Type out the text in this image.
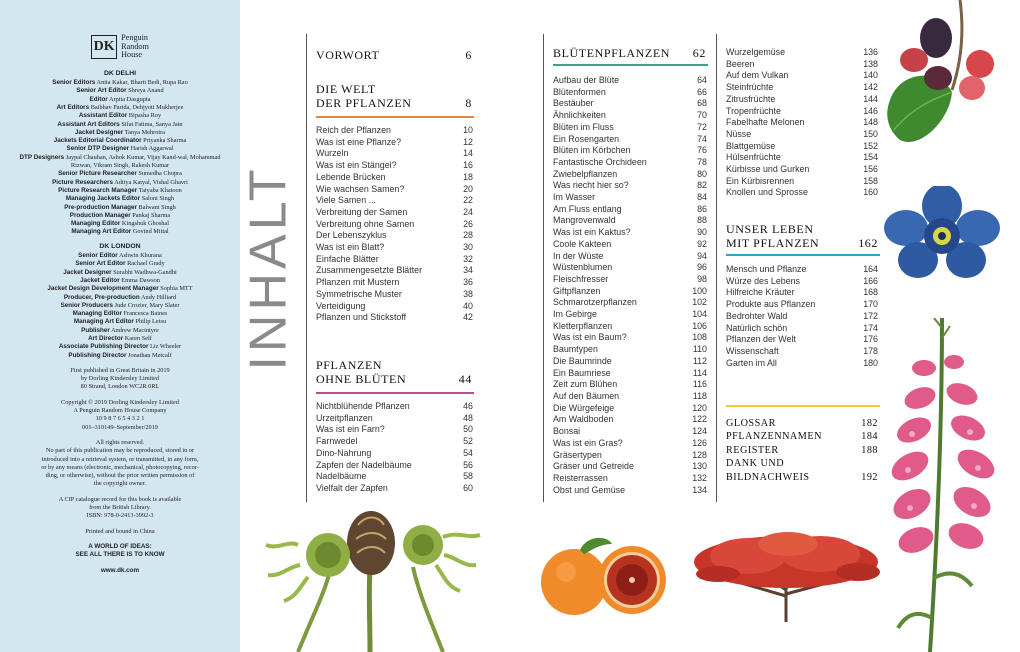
DK
Penguin
Random
House
DK DELHI
Senior Editors Anita Kakar, Bharti Bedi, Rupa Rao
Senior Art Editor Shreya Anand
Editor Arpita Dasgupta
Art Editors Baibhav Parida, Debjyoti Mukherjee
Assistant Editor Bipasha Roy
Assistant Art Editors Sifat Fatima, Sanya Jain
Jacket Designer Tanya Mehrotra
Jackets Editorial Coordinator Priyanka Sharma
Senior DTP Designer Harish Aggarwal
DTP Designers Jaypal Chauhan, Ashok Kumar, Vijay Kand-wal, Mohammad Rizwan, Vikram Singh, Rakesh Kumar
Senior Picture Researcher Sumedha Chopra
Picture Researchers Aditya Katyal, Vishal Ghavri
Picture Research Manager Taiyaba Khatoon
Managing Jackets Editor Saloni Singh
Pre-production Manager Balwant Singh
Production Manager Pankaj Sharma
Managing Editor Kingshuk Ghoshal
Managing Art Editor Govind Mittal
DK LONDON
Senior Editor Ashwin Khurana
Senior Art Editor Rachael Grady
Jacket Designer Surabhi Wadhwa-Gandhi
Jacket Editor Emma Dawson
Jacket Design Development Manager Sophia MTT
Producer, Pre-production Andy Hilliard
Senior Producers Jude Crozier, Mary Slater
Managing Editor Francesca Baines
Managing Art Editor Philip Letsu
Publisher Andrew Macintyre
Art Director Karen Self
Associate Publishing Director Liz Wheeler
Publishing Director Jonathan Metcalf
First published in Great Britain in 2019
by Dorling Kindersley Limited
80 Strand, London WC2R 0RL
Copyright © 2019 Dorling Kindersley Limited
A Penguin Random House Company
10 9 8 7 6 5 4 3 2 1
001–310149–September/2019
All rights reserved.
No part of this publication may be reproduced, stored in or
introduced into a retrieval system, or transmitted, in any form,
or by any means (electronic, mechanical, photocopying, recor-
ding, or otherwise), without the prior written permission of
the copyright owner.
A CIP catalogue record for this book is available
from the British Library.
ISBN: 978-0-2413-3992-3
Printed and bound in China
A WORLD OF IDEAS:
SEE ALL THERE IS TO KNOW
www.dk.com
INHALT
VORWORT	6
DIE WELT
DER PFLANZEN	8
Reich der Pflanzen	10
Was ist eine Pflanze?	12
Wurzeln	14
Was ist ein Stängel?	16
Lebende Brücken	18
Wie wachsen Samen?	20
Viele Samen ...	22
Verbreitung der Samen	24
Verbreitung ohne Samen	26
Der Lebenszyklus	28
Was ist ein Blatt?	30
Einfache Blätter	32
Zusammengesetzte Blätter	34
Pflanzen mit Mustern	36
Symmetrische Muster	38
Verteidigung	40
Pflanzen und Stickstoff	42
PFLANZEN
OHNE BLÜTEN	44
Nichtblühende Pflanzen	46
Urzeitpflanzen	48
Was ist ein Farn?	50
Farnwedel	52
Dino-Nahrung	54
Zapfen der Nadelbäume	56
Nadelbäume	58
Vielfalt der Zapfen	60
BLÜTENPFLANZEN 62
Aufbau der Blüte	64
Blütenformen	66
Bestäuber	68
Ähnlichkeiten	70
Blüten im Fluss	72
Ein Rosengarten	74
Blüten im Körbchen	76
Fantastische Orchideen	78
Zwiebelpflanzen	80
Was riecht hier so?	82
Im Wasser	84
Am Fluss entlang	86
Mangrovenwald	88
Was ist ein Kaktus?	90
Coole Kakteen	92
In der Wüste	94
Wüstenblumen	96
Fleischfresser	98
Giftpflanzen	100
Schmarotzerpflanzen	102
Im Gebirge	104
Kletterpflanzen	106
Was ist ein Baum?	108
Baumtypen	110
Die Baumrinde	112
Ein Baumriese	114
Zeit zum Blühen	116
Auf den Bäumen	118
Die Würgefeige	120
Am Waldboden	122
Bonsai	124
Was ist ein Gras?	126
Gräsertypen	128
Gräser und Getreide	130
Reisterrassen	132
Obst und Gemüse	134
Wurzelgemüse	136
Beeren	138
Auf dem Vulkan	140
Steinfrüchte	142
Zitrusfrüchte	144
Tropenfrüchte	146
Fabelhafte Melonen	148
Nüsse	150
Blattgemüse	152
Hülsenfrüchte	154
Kürbisse und Gurken	156
Ein Kürbisrennen	158
Knollen und Sprosse	160
UNSER LEBEN
MIT PFLANZEN	162
Mensch und Pflanze	164
Würze des Lebens	166
Hilfreiche Kräuter	168
Produkte aus Pflanzen	170
Bedrohter Wald	172
Natürlich schön	174
Pflanzen der Welt	176
Wissenschaft	178
Garten im All	180
GLOSSAR	182
PFLANZENNAMEN	184
REGISTER	188
DANK UND
BILDNACHWEIS	192
